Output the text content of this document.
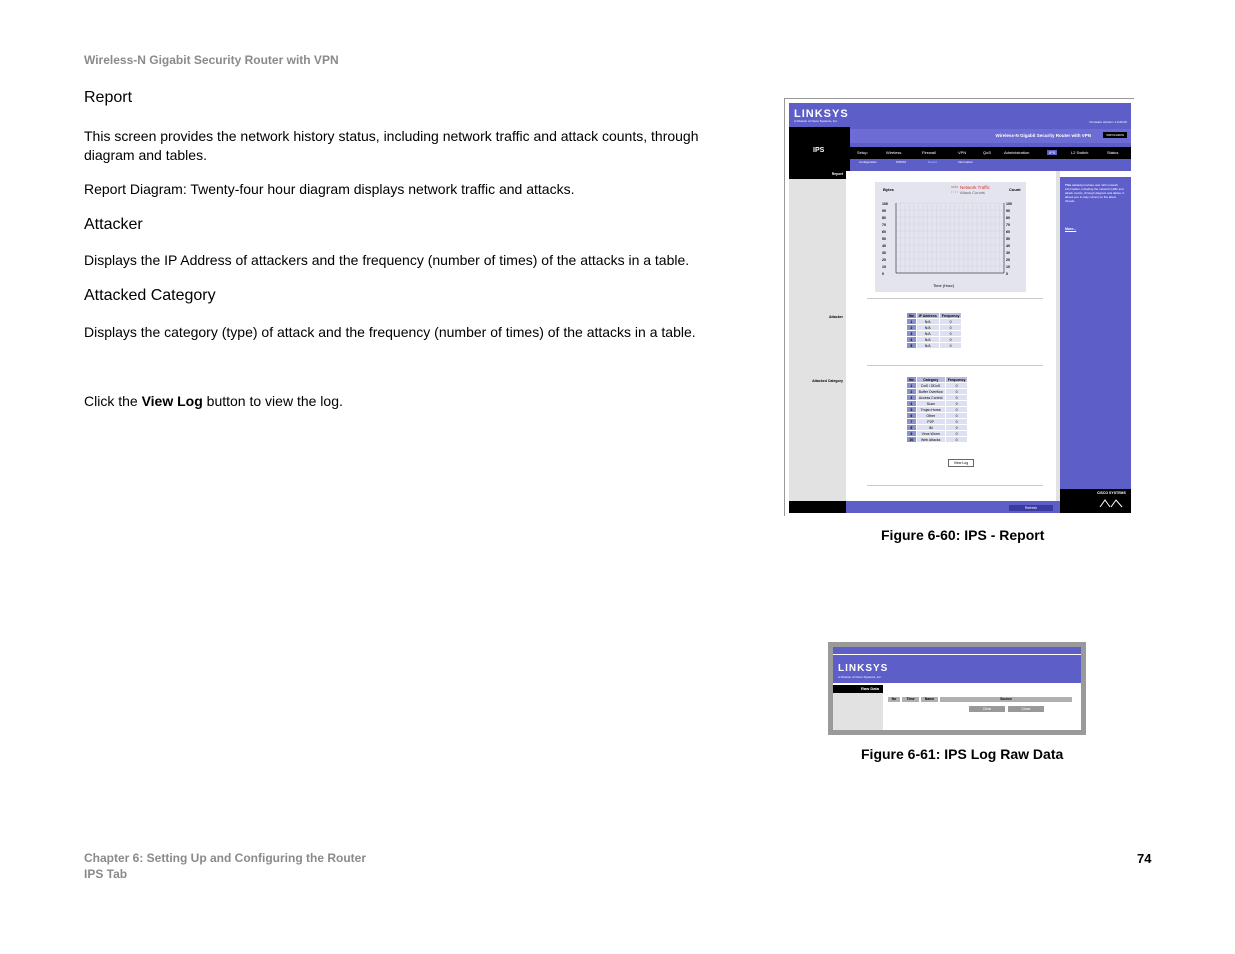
Wireless-N Gigabit Security Router with VPN
Report
This screen provides the network history status, including network traffic and attack counts, through diagram and tables.
Report Diagram: Twenty-four hour diagram displays network traffic and attacks.
Attacker
Displays the IP Address of attackers and the frequency (number of times) of the attacks in a table.
Attacked Category
Displays the category (type) of attack and the frequency (number of times) of the attacks in a table.
Click the View Log button to view the log.
LINKSYS
A Division of Cisco Systems, Inc.	Firmware Version: 1.0.00.00
IPS
Wireless-N Gigabit Security Router with VPN	WRVS4400N
Setup	Wireless	Firewall	VPN	QoS	Administration	IPS	L2 Switch	Status
Configuration	P2P/IM	Report	Information
Report
Attacker
Attacked Category
Bytes	Count
Network Traffic
Attack Counts
100
90
80
70
60
50
40
30
20
10
0
100
90
80
70
60
50
40
30
20
10
0
Time (Hour)
No	IP Address	Frequency
1	N/A	0
2	N/A	0
3	N/A	0
4	N/A	0
5	N/A	0
No	Category	Frequency
1	DoS / DDoS	0
2	Buffer Overflow	0
3	Access Control	0
4	Scan	0
5	Trojan Horse	0
6	Other	0
7	P2P	0
8	IM	0
9	Virus Worm	0
10	Web Attacks	0
View Log
This screen provides user with network information, including the network traffic and attack counts, through diagram and tables. It allows you to stay current on the latest threats.
More...
Refresh
CISCO SYSTEMS
Figure 6-60: IPS - Report
LINKSYS
A Division of Cisco Systems, Inc.
Raw Data
No	Time	Name	Source
Clear	Close
Figure 6-61: IPS Log Raw Data
Chapter 6: Setting Up and Configuring the Router
IPS Tab
74
